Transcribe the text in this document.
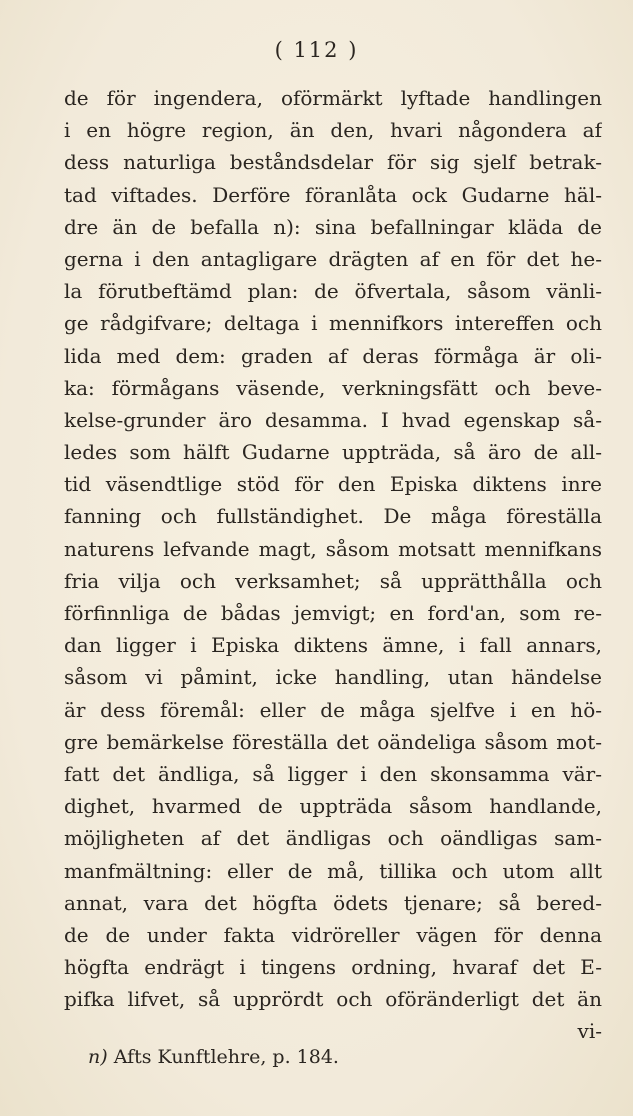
( 112 )
de för ingendera, oförmärkt lyftade handlingen
i en högre region, än den, hvari någondera af
dess naturliga beståndsdelar för sig sjelf betrak-
tad viftades. Derföre föranlåta ock Gudarne häl-
dre än de befalla n): sina befallningar kläda de
gerna i den antagligare drägten af en för det he-
la förutbeftämd plan: de öfvertala, såsom vänli-
ge rådgifvare; deltaga i mennifkors intereffen och
lida med dem: graden af deras förmåga är oli-
ka: förmågans väsende, verkningsfätt och beve-
kelse-grunder äro desamma. I hvad egenskap så-
ledes som hälft Gudarne uppträda, så äro de all-
tid väsendtlige stöd för den Episka diktens inre
fanning och fullständighet. De måga föreställa
naturens lefvande magt, såsom motsatt mennifkans
fria vilja och verksamhet; så upprätthålla och
förfinnliga de bådas jemvigt; en ford'an, som re-
dan ligger i Episka diktens ämne, i fall annars,
såsom vi påmint, icke handling, utan händelse
är dess föremål: eller de måga sjelfve i en hö-
gre bemärkelse föreställa det oändeliga såsom mot-
fatt det ändliga, så ligger i den skonsamma vär-
dighet, hvarmed de uppträda såsom handlande,
möjligheten af det ändligas och oändligas sam-
manfmältning: eller de må, tillika och utom allt
annat, vara det högfta ödets tjenare; så bered-
de de under fakta vidröreller vägen för denna
högfta endrägt i tingens ordning, hvaraf det E-
pifka lifvet, så upprördt och oföränderligt det än
vi-
n) Afts Kunftlehre, p. 184.
